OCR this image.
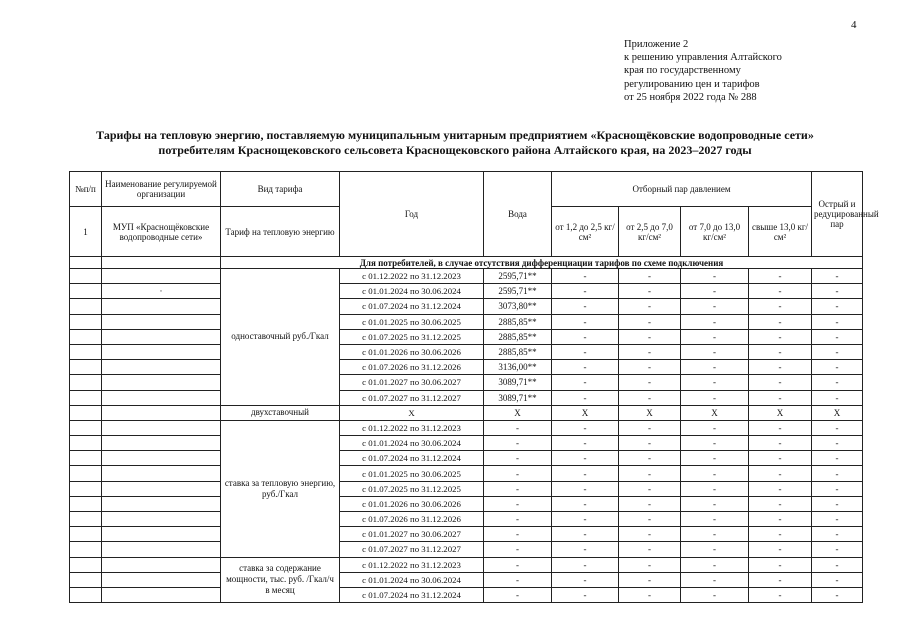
4
Приложение 2
к решению управления Алтайского
края по государственному
регулированию цен и тарифов
от 25 ноября 2022 года № 288
Тарифы на тепловую энергию, поставляемую муниципальным унитарным предприятием «Краснощёковские водопроводные сети»
потребителям Краснощековского сельсовета Краснощековского района Алтайского края, на 2023–2027 годы
№п/п	Наименование регулируемой организации	Вид тарифа	Год	Вода	Отборный пар давлением				Острый и редуцированный пар
1	МУП «Краснощёковские водопроводные сети»	Тариф на тепловую энергию			от 1,2 до 2,5 кг/см²	от 2,5 до 7,0 кг/см²	от 7,0 до 13,0 кг/см²	свыше 13,0 кг/см²	
		Для потребителей, в случае отсутствия дифференциации тарифов по схеме подключения							
		одноставочный руб./Гкал	с 01.12.2022 по 31.12.2023	2595,71**	-	-	-	-	-
	·		с 01.01.2024 по 30.06.2024	2595,71**	-	-	-	-	-
			с 01.07.2024 по 31.12.2024	3073,80**	-	-	-	-	-
			с 01.01.2025 по 30.06.2025	2885,85**	-	-	-	-	-
			с 01.07.2025 по 31.12.2025	2885,85**	-	-	-	-	-
			с 01.01.2026 по 30.06.2026	2885,85**	-	-	-	-	-
			с 01.07.2026 по 31.12.2026	3136,00**	-	-	-	-	-
			с 01.01.2027 по 30.06.2027	3089,71**	-	-	-	-	-
			с 01.07.2027 по 31.12.2027	3089,71**	-	-	-	-	-
		двухставочный	X	X	X	X	X	X	X
		ставка за тепловую энергию, руб./Гкал	с 01.12.2022 по 31.12.2023	-	-	-	-	-	-
			с 01.01.2024 по 30.06.2024	-	-	-	-	-	-
			с 01.07.2024 по 31.12.2024	-	-	-	-	-	-
			с 01.01.2025 по 30.06.2025	-	-	-	-	-	-
			с 01.07.2025 по 31.12.2025	-	-	-	-	-	-
			с 01.01.2026 по 30.06.2026	-	-	-	-	-	-
			с 01.07.2026 по 31.12.2026	-	-	-	-	-	-
			с 01.01.2027 по 30.06.2027	-	-	-	-	-	-
			с 01.07.2027 по 31.12.2027	-	-	-	-	-	-
		ставка за содержание мощности, тыс. руб. /Гкал/ч в месяц	с 01.12.2022 по 31.12.2023	-	-	-	-	-	-
			с 01.01.2024 по 30.06.2024	-	-	-	-	-	-
			с 01.07.2024 по 31.12.2024	-	-	-	-	-	-
